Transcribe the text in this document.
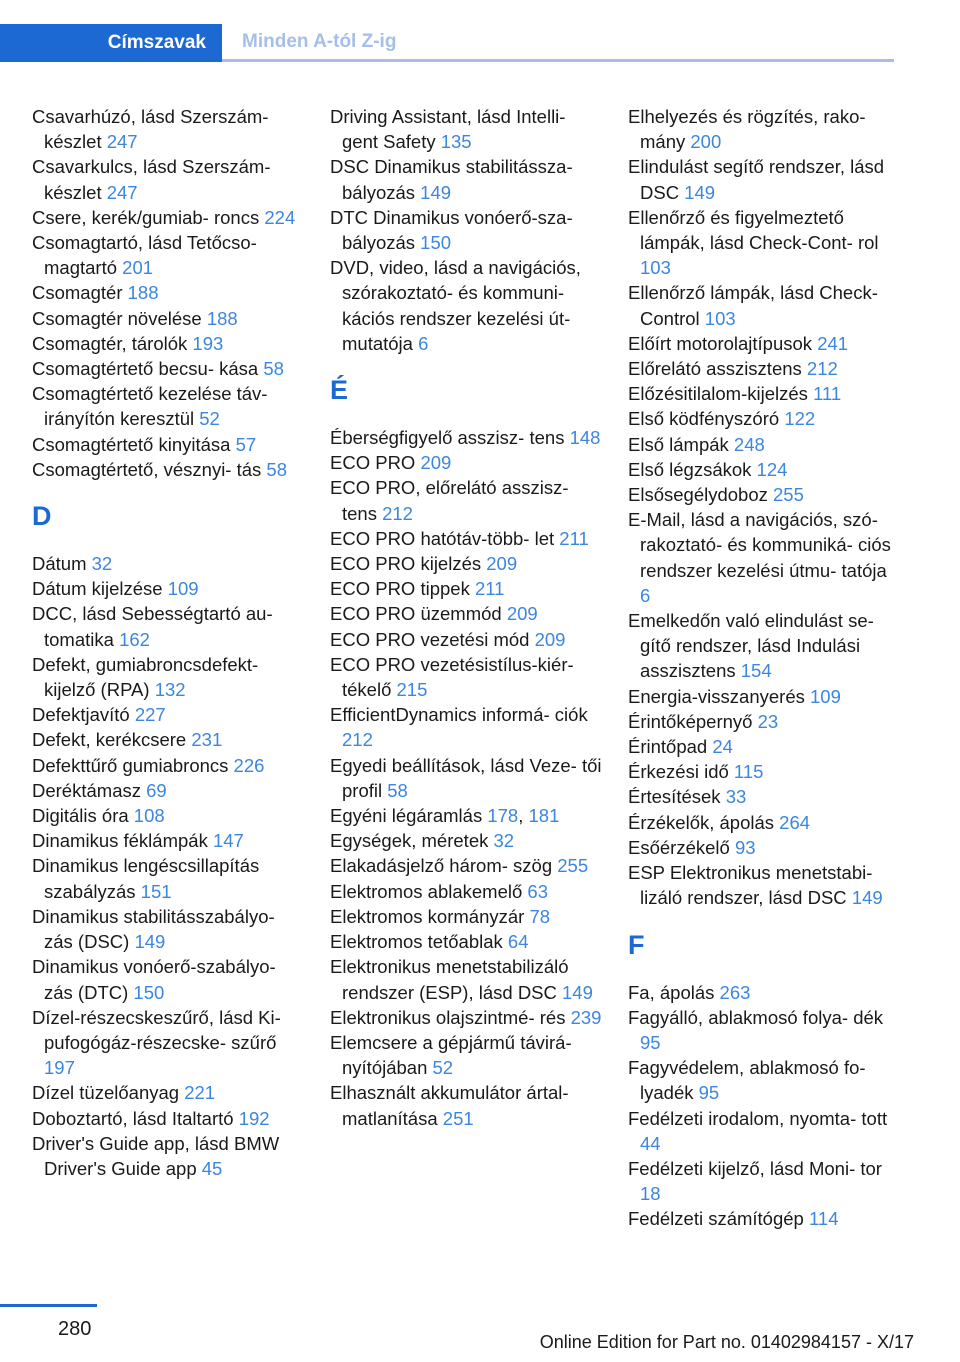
Címszavak	Minden A-tól Z-ig

Csavarhúzó, lásd Szerszám‐ készlet 247

Csavarkulcs, lásd Szerszám‐ készlet 247

Csere, kerék/gumiab‐ roncs 224

Csomagtartó, lásd Tetőcso‐ magtartó 201

Csomagtér 188

Csomagtér növelése 188

Csomagtér, tárolók 193

Csomagtértető becsu‐ kása 58

Csomagtértető kezelése táv‐ irányítón keresztül 52

Csomagtértető kinyitása 57

Csomagtértető, vésznyi‐ tás 58

D

Dátum 32

Dátum kijelzése 109

DCC, lásd Sebességtartó au‐ tomatika 162

Defekt, gumiabroncsdefekt‐ kijelző (RPA) 132

Defektjavító 227

Defekt, kerékcsere 231

Defekttűrő gumiabroncs 226

Deréktámasz 69

Digitális óra 108

Dinamikus féklámpák 147

Dinamikus lengéscsillapítás szabályzás 151

Dinamikus stabilitásszabályo‐ zás (DSC) 149

Dinamikus vonóerő-szabályo‐ zás (DTC) 150

Dízel-részecskeszűrő, lásd Ki‐ pufogógáz-részecske‐ szűrő 197

Dízel tüzelőanyag 221

Doboztartó, lásd Italtartó 192

Driver's Guide app, lásd BMW Driver's Guide app 45

Driving Assistant, lásd Intelli‐ gent Safety 135

DSC Dinamikus stabilitássza‐ bályozás 149

DTC Dinamikus vonóerő-sza‐ bályozás 150

DVD, video, lásd a navigációs, szórakoztató- és kommuni‐ kációs rendszer kezelési út‐ mutatója 6

É

Éberségfigyelő asszisz‐ tens 148

ECO PRO 209

ECO PRO, előrelátó asszisz‐ tens 212

ECO PRO hatótáv-több‐ let 211

ECO PRO kijelzés 209

ECO PRO tippek 211

ECO PRO üzemmód 209

ECO PRO vezetési mód 209

ECO PRO vezetésistílus-kiér‐ tékelő 215

EfficientDynamics informá‐ ciók 212

Egyedi beállítások, lásd Veze‐ tői profil 58

Egyéni légáramlás 178, 181

Egységek, méretek 32

Elakadásjelző három‐ szög 255

Elektromos ablakemelő 63

Elektromos kormányzár 78

Elektromos tetőablak 64

Elektronikus menetstabilizáló rendszer (ESP), lásd DSC 149

Elektronikus olajszintmé‐ rés 239

Elemcsere a gépjármű távirá‐ nyítójában 52

Elhasznált akkumulátor ártal‐ matlanítása 251

Elhelyezés és rögzítés, rako‐ mány 200

Elindulást segítő rendszer, lásd DSC 149

Ellenőrző és figyelmeztető lámpák, lásd Check-Cont‐ rol 103

Ellenőrző lámpák, lásd Check-Control 103

Előírt motorolajtípusok 241

Előrelátó asszisztens 212

Előzésitilalom-kijelzés 111

Első ködfényszóró 122

Első lámpák 248

Első légzsákok 124

Elsősegélydoboz 255

E-Mail, lásd a navigációs, szó‐ rakoztató- és kommuniká‐ ciós rendszer kezelési útmu‐ tatója 6

Emelkedőn való elindulást se‐ gítő rendszer, lásd Indulási asszisztens 154

Energia-visszanyerés 109

Érintőképernyő 23

Érintőpad 24

Érkezési idő 115

Értesítések 33

Érzékelők, ápolás 264

Esőérzékelő 93

ESP Elektronikus menetstabi‐ lizáló rendszer, lásd DSC 149

F

Fa, ápolás 263

Fagyálló, ablakmosó folya‐ dék 95

Fagyvédelem, ablakmosó fo‐ lyadék 95

Fedélzeti irodalom, nyomta‐ tott 44

Fedélzeti kijelző, lásd Moni‐ tor 18

Fedélzeti számítógép 114

280
Online Edition for Part no. 01402984157 - X/17
